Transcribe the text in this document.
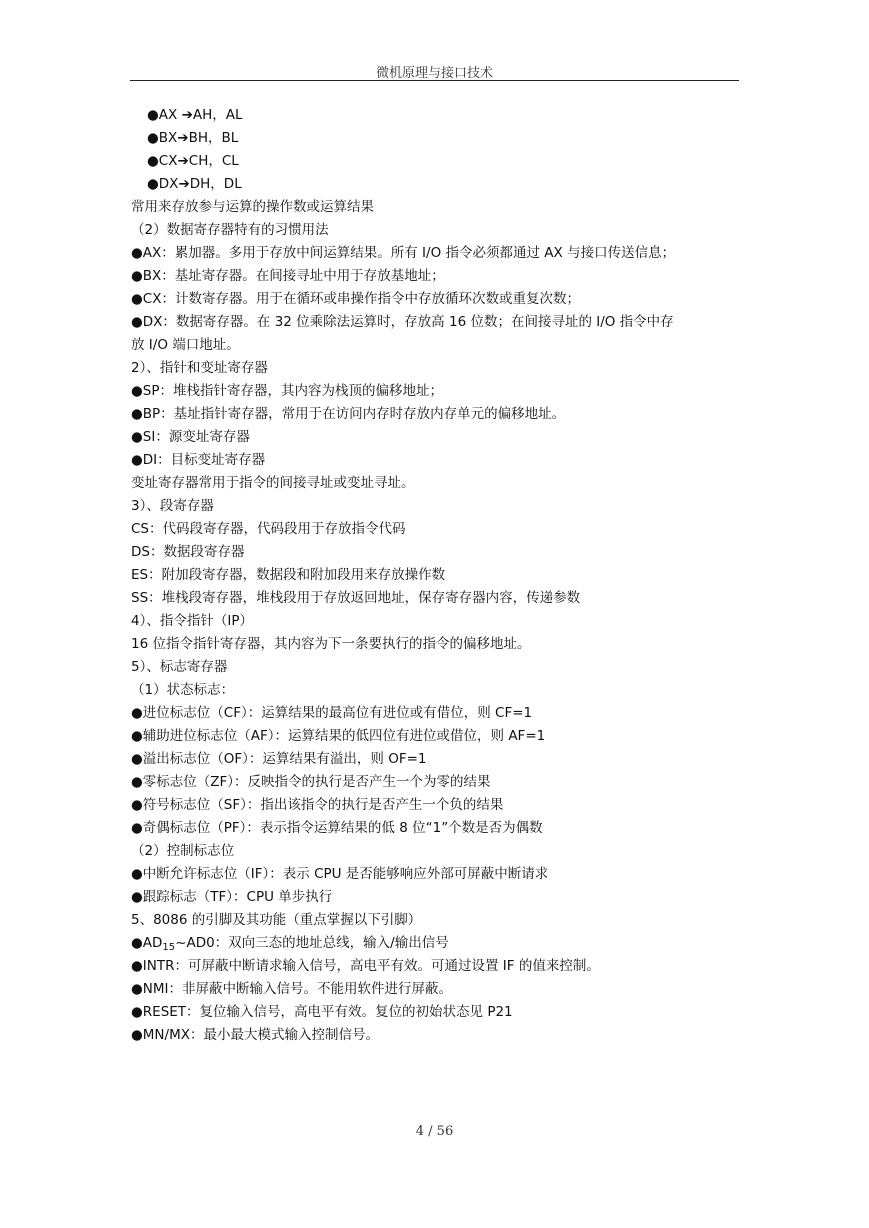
微机原理与接口技术
●AX ➔AH，AL
●BX➔BH，BL
●CX➔CH，CL
●DX➔DH，DL
常用来存放参与运算的操作数或运算结果
（2）数据寄存器特有的习惯用法
●AX：累加器。多用于存放中间运算结果。所有 I/O 指令必须都通过 AX 与接口传送信息；
●BX：基址寄存器。在间接寻址中用于存放基地址；
●CX：计数寄存器。用于在循环或串操作指令中存放循环次数或重复次数；
●DX：数据寄存器。在 32 位乘除法运算时，存放高 16 位数；在间接寻址的 I/O 指令中存
放 I/O 端口地址。
2）、指针和变址寄存器
●SP：堆栈指针寄存器，其内容为栈顶的偏移地址；
●BP：基址指针寄存器，常用于在访问内存时存放内存单元的偏移地址。
●SI：源变址寄存器
●DI：目标变址寄存器
变址寄存器常用于指令的间接寻址或变址寻址。
3）、段寄存器
CS：代码段寄存器，代码段用于存放指令代码
DS：数据段寄存器
ES：附加段寄存器，数据段和附加段用来存放操作数
SS：堆栈段寄存器，堆栈段用于存放返回地址，保存寄存器内容，传递参数
4）、指令指针（IP）
16 位指令指针寄存器，其内容为下一条要执行的指令的偏移地址。
5）、标志寄存器
（1）状态标志：
●进位标志位（CF）：运算结果的最高位有进位或有借位，则 CF=1
●辅助进位标志位（AF）：运算结果的低四位有进位或借位，则 AF=1
●溢出标志位（OF）：运算结果有溢出，则 OF=1
●零标志位（ZF）：反映指令的执行是否产生一个为零的结果
●符号标志位（SF）：指出该指令的执行是否产生一个负的结果
●奇偶标志位（PF）：表示指令运算结果的低 8 位“1”个数是否为偶数
（2）控制标志位
●中断允许标志位（IF）：表示 CPU 是否能够响应外部可屏蔽中断请求
●跟踪标志（TF）：CPU 单步执行
5、8086 的引脚及其功能（重点掌握以下引脚）
$●AD_{15}\sim AD0$：双向三态的地址总线，输入/输出信号
●INTR：可屏蔽中断请求输入信号，高电平有效。可通过设置 IF 的值来控制。
●NMI：非屏蔽中断输入信号。不能用软件进行屏蔽。
●RESET：复位输入信号，高电平有效。复位的初始状态见 P21
●MN/MX：最小最大模式输入控制信号。
4 / 56
